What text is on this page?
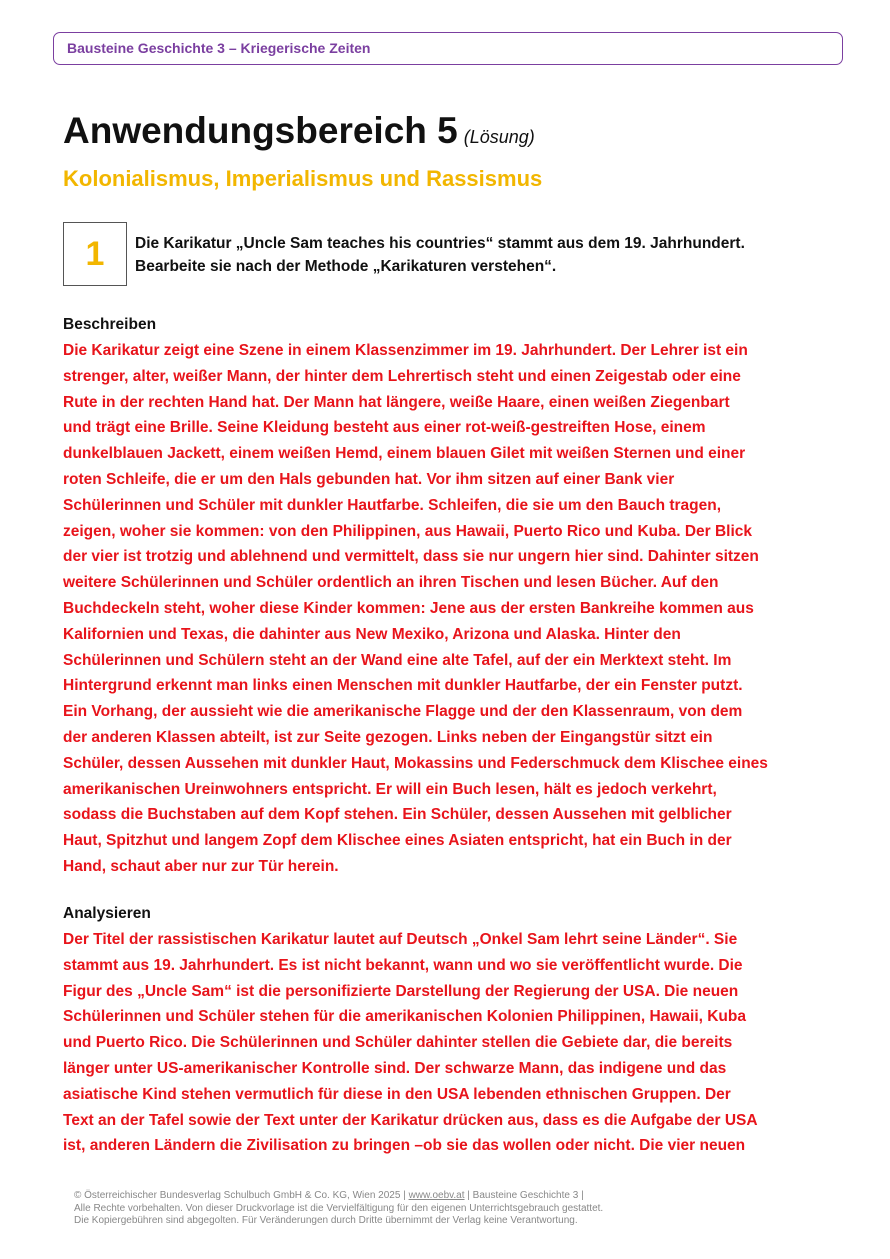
Bausteine Geschichte 3 – Kriegerische Zeiten
Anwendungsbereich 5 (Lösung)
Kolonialismus, Imperialismus und Rassismus
1	Die Karikatur „Uncle Sam teaches his countries“ stammt aus dem 19. Jahrhundert.
Bearbeite sie nach der Methode „Karikaturen verstehen“.
Beschreiben
Die Karikatur zeigt eine Szene in einem Klassenzimmer im 19. Jahrhundert. Der Lehrer ist ein
strenger, alter, weißer Mann, der hinter dem Lehrertisch steht und einen Zeigestab oder eine
Rute in der rechten Hand hat. Der Mann hat längere, weiße Haare, einen weißen Ziegenbart
und trägt eine Brille. Seine Kleidung besteht aus einer rot-weiß-gestreiften Hose, einem
dunkelblauen Jackett, einem weißen Hemd, einem blauen Gilet mit weißen Sternen und einer
roten Schleife, die er um den Hals gebunden hat. Vor ihm sitzen auf einer Bank vier
Schülerinnen und Schüler mit dunkler Hautfarbe. Schleifen, die sie um den Bauch tragen,
zeigen, woher sie kommen: von den Philippinen, aus Hawaii, Puerto Rico und Kuba. Der Blick
der vier ist trotzig und ablehnend und vermittelt, dass sie nur ungern hier sind. Dahinter sitzen
weitere Schülerinnen und Schüler ordentlich an ihren Tischen und lesen Bücher. Auf den
Buchdeckeln steht, woher diese Kinder kommen: Jene aus der ersten Bankreihe kommen aus
Kalifornien und Texas, die dahinter aus New Mexiko, Arizona und Alaska. Hinter den
Schülerinnen und Schülern steht an der Wand eine alte Tafel, auf der ein Merktext steht. Im
Hintergrund erkennt man links einen Menschen mit dunkler Hautfarbe, der ein Fenster putzt.
Ein Vorhang, der aussieht wie die amerikanische Flagge und der den Klassenraum, von dem
der anderen Klassen abteilt, ist zur Seite gezogen. Links neben der Eingangstür sitzt ein
Schüler, dessen Aussehen mit dunkler Haut, Mokassins und Federschmuck dem Klischee eines
amerikanischen Ureinwohners entspricht. Er will ein Buch lesen, hält es jedoch verkehrt,
sodass die Buchstaben auf dem Kopf stehen. Ein Schüler, dessen Aussehen mit gelblicher
Haut, Spitzhut und langem Zopf dem Klischee eines Asiaten entspricht, hat ein Buch in der
Hand, schaut aber nur zur Tür herein.
Analysieren
Der Titel der rassistischen Karikatur lautet auf Deutsch „Onkel Sam lehrt seine Länder“. Sie
stammt aus 19. Jahrhundert. Es ist nicht bekannt, wann und wo sie veröffentlicht wurde. Die
Figur des „Uncle Sam“ ist die personifizierte Darstellung der Regierung der USA. Die neuen
Schülerinnen und Schüler stehen für die amerikanischen Kolonien Philippinen, Hawaii, Kuba
und Puerto Rico. Die Schülerinnen und Schüler dahinter stellen die Gebiete dar, die bereits
länger unter US-amerikanischer Kontrolle sind. Der schwarze Mann, das indigene und das
asiatische Kind stehen vermutlich für diese in den USA lebenden ethnischen Gruppen. Der
Text an der Tafel sowie der Text unter der Karikatur drücken aus, dass es die Aufgabe der USA
ist, anderen Ländern die Zivilisation zu bringen –ob sie das wollen oder nicht. Die vier neuen
© Österreichischer Bundesverlag Schulbuch GmbH & Co. KG, Wien 2025 | www.oebv.at | Bausteine Geschichte 3 |
Alle Rechte vorbehalten. Von dieser Druckvorlage ist die Vervielfältigung für den eigenen Unterrichtsgebrauch gestattet.
Die Kopiergebühren sind abgegolten. Für Veränderungen durch Dritte übernimmt der Verlag keine Verantwortung.
